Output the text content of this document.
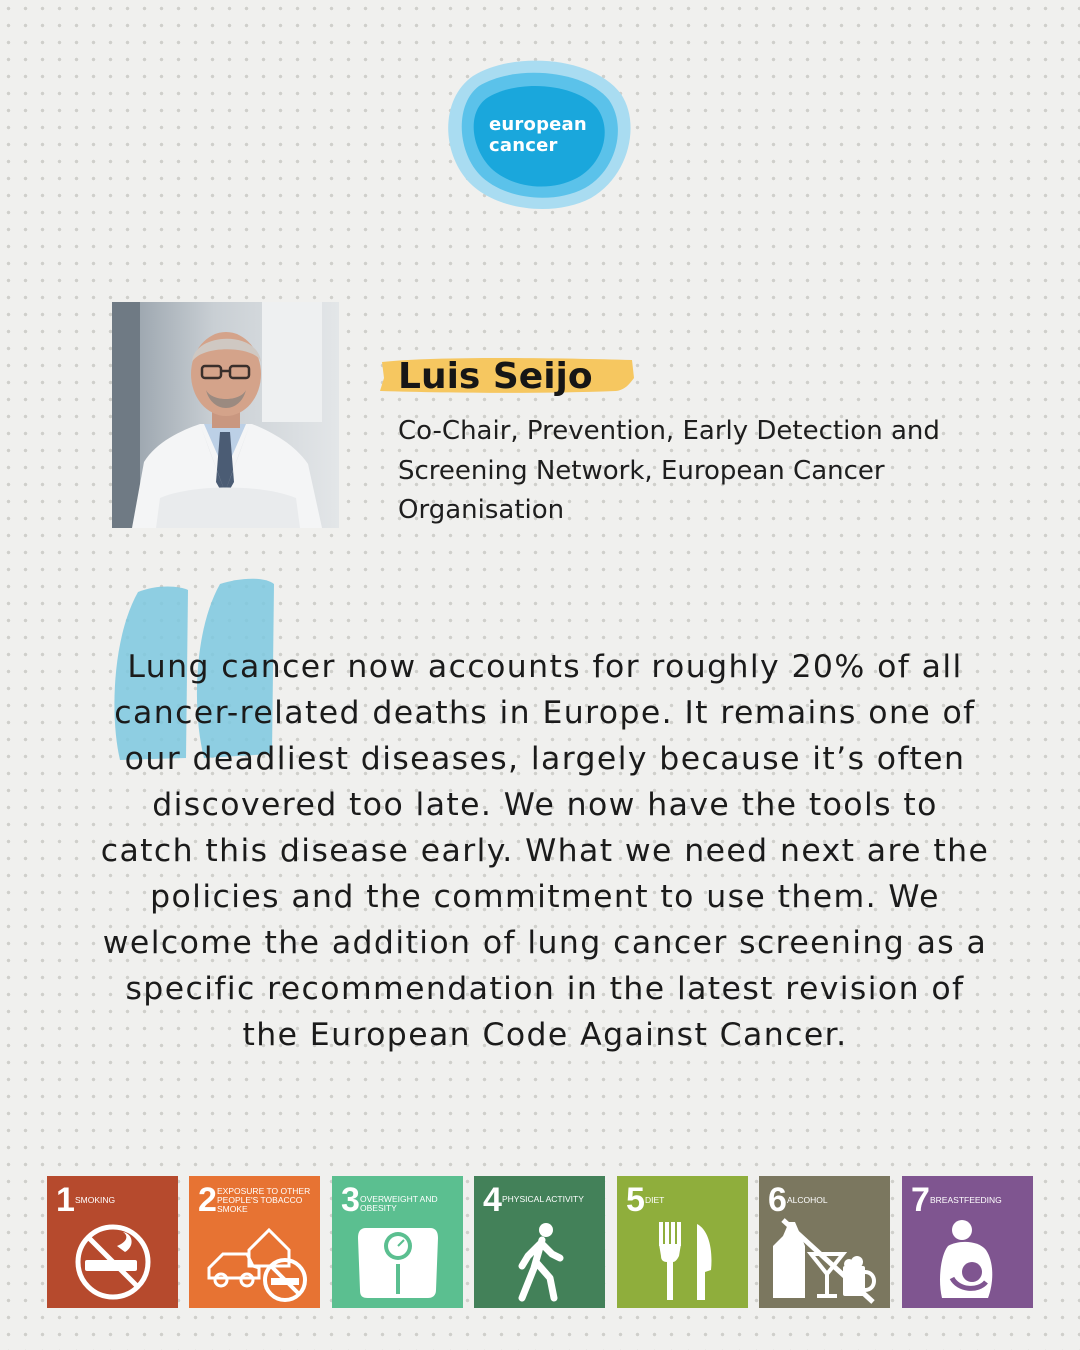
european
cancer
Luis Seijo
Co-Chair, Prevention, Early Detection and Screening Network, European Cancer Organisation

Lung cancer now accounts for roughly 20% of all cancer-related deaths in Europe. It remains one of our deadliest diseases, largely because it’s often discovered too late. We now have the tools to catch this disease early. What we need next are the policies and the commitment to use them. We welcome the addition of lung cancer screening as a specific recommendation in the latest revision of the European Code Against Cancer.

1 SMOKING	2 EXPOSURE TO OTHER PEOPLE'S TOBACCO SMOKE	3 OVERWEIGHT AND OBESITY	4 PHYSICAL ACTIVITY	5 DIET	6 ALCOHOL	7 BREASTFEEDING
